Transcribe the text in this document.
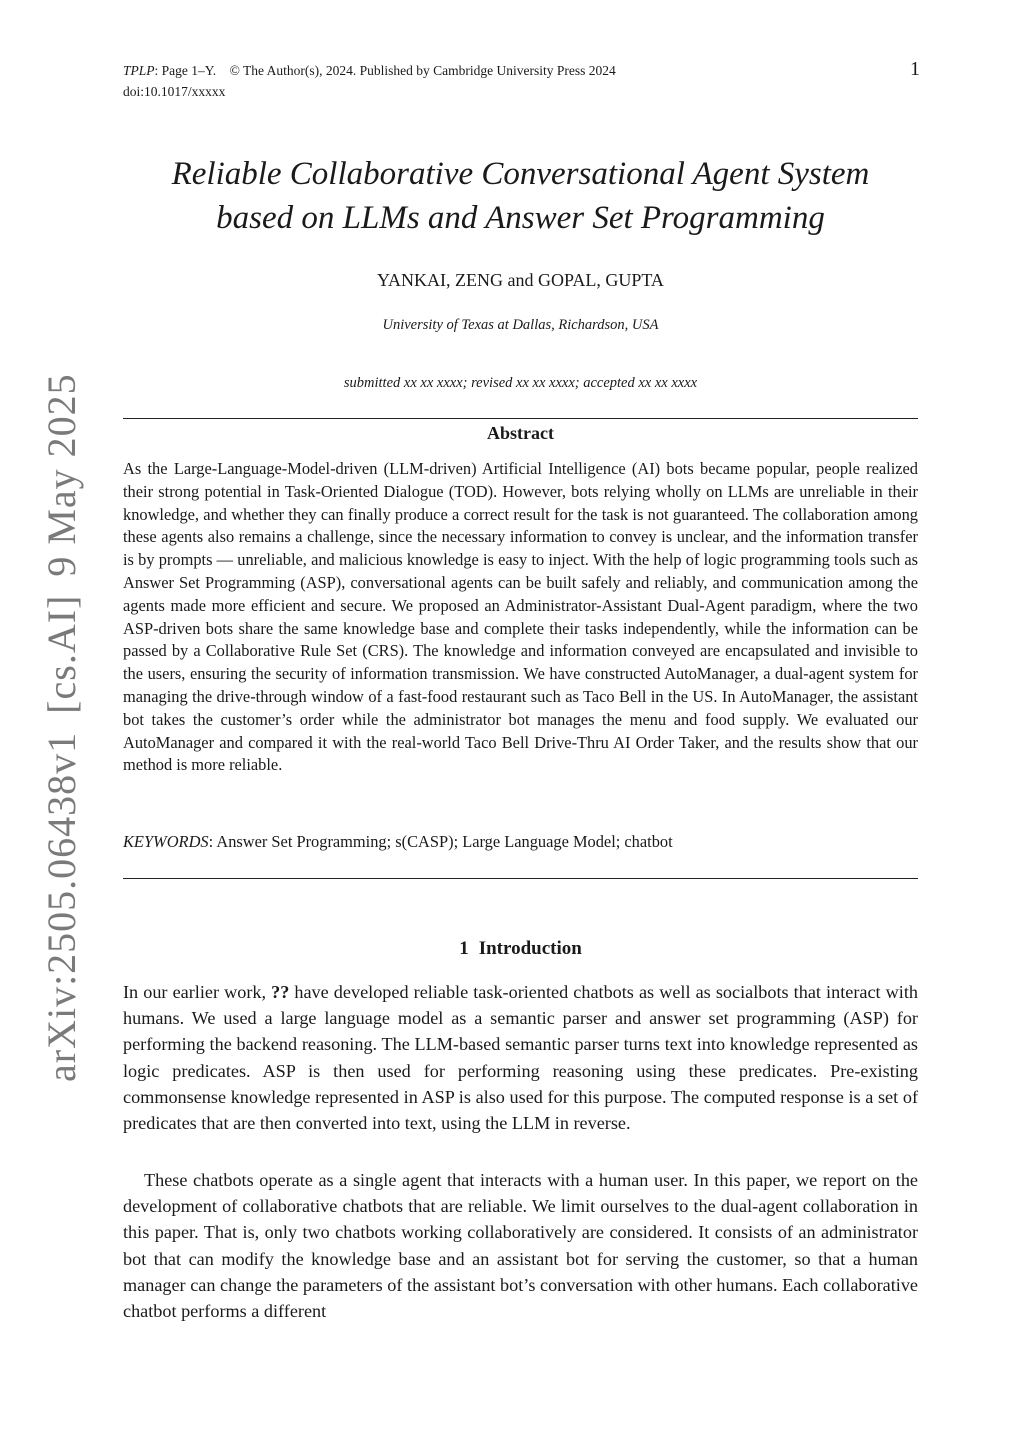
TPLP: Page 1–Y. © The Author(s), 2024. Published by Cambridge University Press 2024
doi:10.1017/xxxxx
1
arXiv:2505.06438v1[cs.AI]9 May 2025
Reliable Collaborative Conversational Agent System
based on LLMs and Answer Set Programming
YANKAI, ZENG and GOPAL, GUPTA
University of Texas at Dallas, Richardson, USA
submitted xx xx xxxx; revised xx xx xxxx; accepted xx xx xxxx
Abstract
As the Large-Language-Model-driven (LLM-driven) Artificial Intelligence (AI) bots became popular, people realized their strong potential in Task-Oriented Dialogue (TOD). However, bots relying wholly on LLMs are unreliable in their knowledge, and whether they can finally produce a correct result for the task is not guaranteed. The collaboration among these agents also remains a challenge, since the necessary information to convey is unclear, and the information transfer is by prompts — unreliable, and malicious knowledge is easy to inject. With the help of logic programming tools such as Answer Set Programming (ASP), conversational agents can be built safely and reliably, and communication among the agents made more efficient and secure. We proposed an Administrator-Assistant Dual-Agent paradigm, where the two ASP-driven bots share the same knowledge base and complete their tasks independently, while the information can be passed by a Collaborative Rule Set (CRS). The knowledge and information conveyed are encapsulated and invisible to the users, ensuring the security of information transmission. We have constructed AutoManager, a dual-agent system for managing the drive-through window of a fast-food restaurant such as Taco Bell in the US. In AutoManager, the assistant bot takes the customer’s order while the administrator bot manages the menu and food supply. We evaluated our AutoManager and compared it with the real-world Taco Bell Drive-Thru AI Order Taker, and the results show that our method is more reliable.
KEYWORDS: Answer Set Programming; s(CASP); Large Language Model; chatbot
1 Introduction
In our earlier work, ?? have developed reliable task-oriented chatbots as well as socialbots that interact with humans. We used a large language model as a semantic parser and answer set programming (ASP) for performing the backend reasoning. The LLM-based semantic parser turns text into knowledge represented as logic predicates. ASP is then used for performing reasoning using these predicates. Pre-existing commonsense knowledge represented in ASP is also used for this purpose. The computed response is a set of predicates that are then converted into text, using the LLM in reverse.
These chatbots operate as a single agent that interacts with a human user. In this paper, we report on the development of collaborative chatbots that are reliable. We limit ourselves to the dual-agent collaboration in this paper. That is, only two chatbots working collaboratively are considered. It consists of an administrator bot that can modify the knowledge base and an assistant bot for serving the customer, so that a human manager can change the parameters of the assistant bot’s conversation with other humans. Each collaborative chatbot performs a different
